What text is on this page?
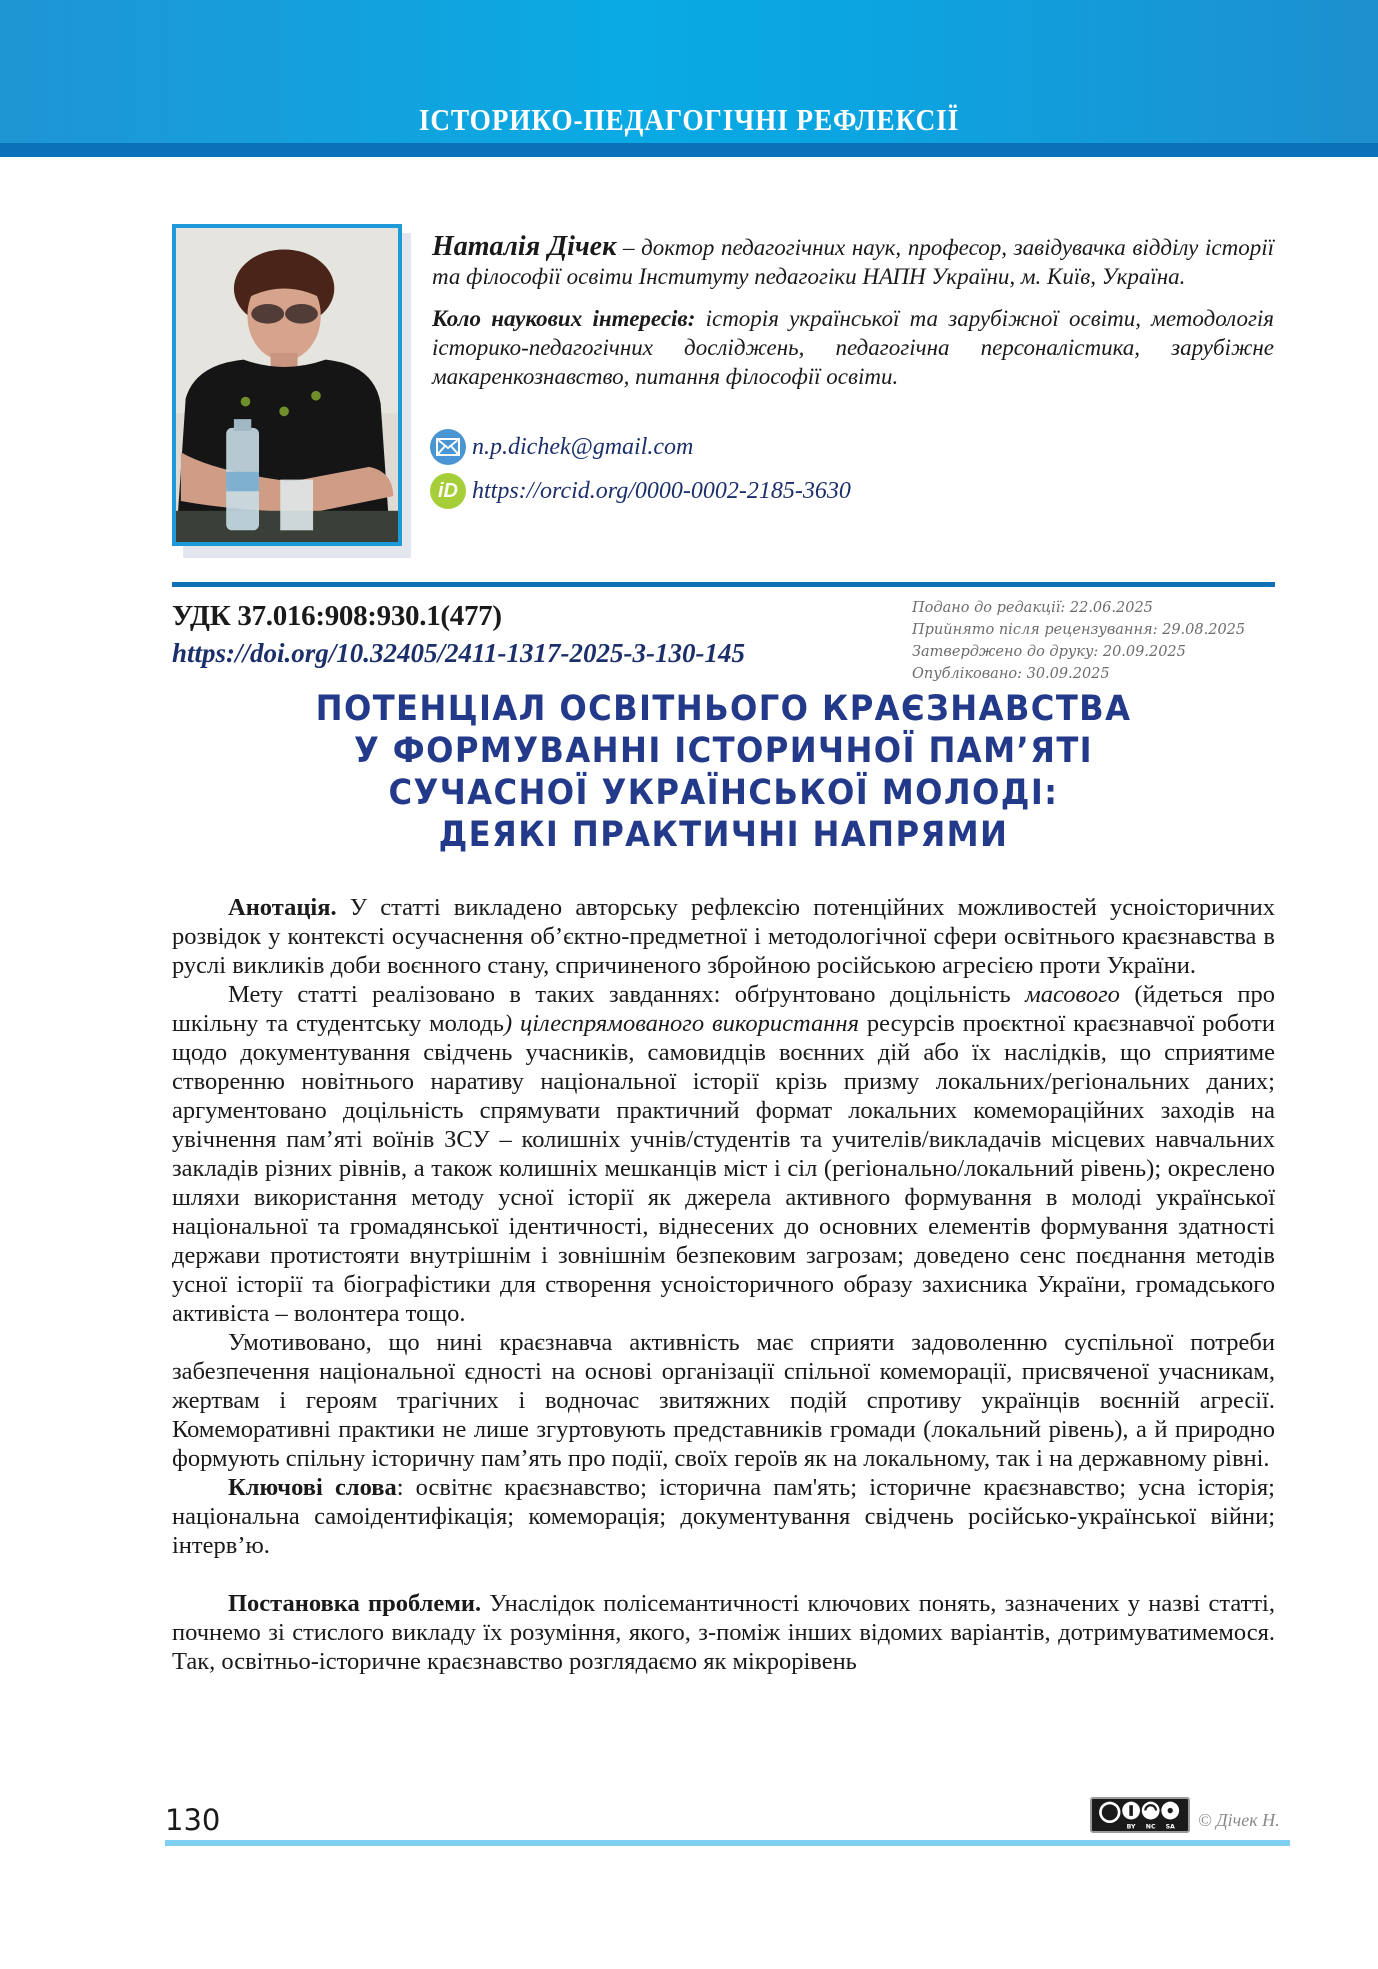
ІСТОРИКО-ПЕДАГОГІЧНІ РЕФЛЕКСІЇ

Наталія Дічек – доктор педагогічних наук, професор, завідувачка відділу історії та філософії освіти Інституту педагогіки НАПН України, м. Київ, Україна.

Коло наукових інтересів: історія української та зарубіжної освіти, методологія історико-педагогічних досліджень, педагогічна персоналістика, зарубіжне макаренкознавство, питання філософії освіти.

n.p.dichek@gmail.com
iD https://orcid.org/0000-0002-2185-3630
УДК 37.016:908:930.1(477)
https://doi.org/10.32405/2411-1317-2025-3-130-145
Подано до редакції: 22.06.2025
Прийнято після рецензування: 29.08.2025
Затверджено до друку: 20.09.2025
Опубліковано: 30.09.2025
ПОТЕНЦІАЛ ОСВІТНЬОГО КРАЄЗНАВСТВА
У ФОРМУВАННІ ІСТОРИЧНОЇ ПАМ’ЯТІ
СУЧАСНОЇ УКРАЇНСЬКОЇ МОЛОДІ:
ДЕЯКІ ПРАКТИЧНІ НАПРЯМИ

Анотація. У статті викладено авторську рефлексію потенційних можливостей усноісторичних розвідок у контексті осучаснення об’єктно-предметної і методологічної сфери освітнього краєзнавства в руслі викликів доби воєнного стану, спричиненого збройною російською агресією проти України.

Мету статті реалізовано в таких завданнях: обґрунтовано доцільність масового (йдеться про шкільну та студентську молодь) цілеспрямованого використання ресурсів проєктної краєзнавчої роботи щодо документування свідчень учасників, самовидців воєнних дій або їх наслідків, що сприятиме створенню новітнього наративу національної історії крізь призму локальних/регіональних даних; аргументовано доцільність спрямувати практичний формат локальних комемораційних заходів на увічнення пам’яті воїнів ЗСУ – колишніх учнів/студентів та учителів/викладачів місцевих навчальних закладів різних рівнів, а також колишніх мешканців міст і сіл (регіонально/локальний рівень); окреслено шляхи використання методу усної історії як джерела активного формування в молоді української національної та громадянської ідентичності, віднесених до основних елементів формування здатності держави протистояти внутрішнім і зовнішнім безпековим загрозам; доведено сенс поєднання методів усної історії та біографістики для створення усноісторичного образу захисника України, громадського активіста – волонтера тощо.

Умотивовано, що нині краєзнавча активність має сприяти задоволенню суспільної потреби забезпечення національної єдності на основі організації спільної комеморації, присвяченої учасникам, жертвам і героям трагічних і водночас звитяжних подій спротиву українців воєнній агресії. Комеморативні практики не лише згуртовують представників громади (локальний рівень), а й природно формують спільну історичну пам’ять про події, своїх героїв як на локальному, так і на державному рівні.

Ключові слова: освітнє краєзнавство; історична пам'ять; історичне краєзнавство; усна історія; національна самоідентифікація; комеморація; документування свідчень російсько-української війни; інтерв’ю.

Постановка проблеми. Унаслідок полісемантичності ключових понять, зазначених у назві статті, почнемо зі стислого викладу їх розуміння, якого, з-поміж інших відомих варіантів, дотримуватимемося. Так, освітньо-історичне краєзнавство розглядаємо як мікрорівень

130	BY NC SA © Дічек Н.
